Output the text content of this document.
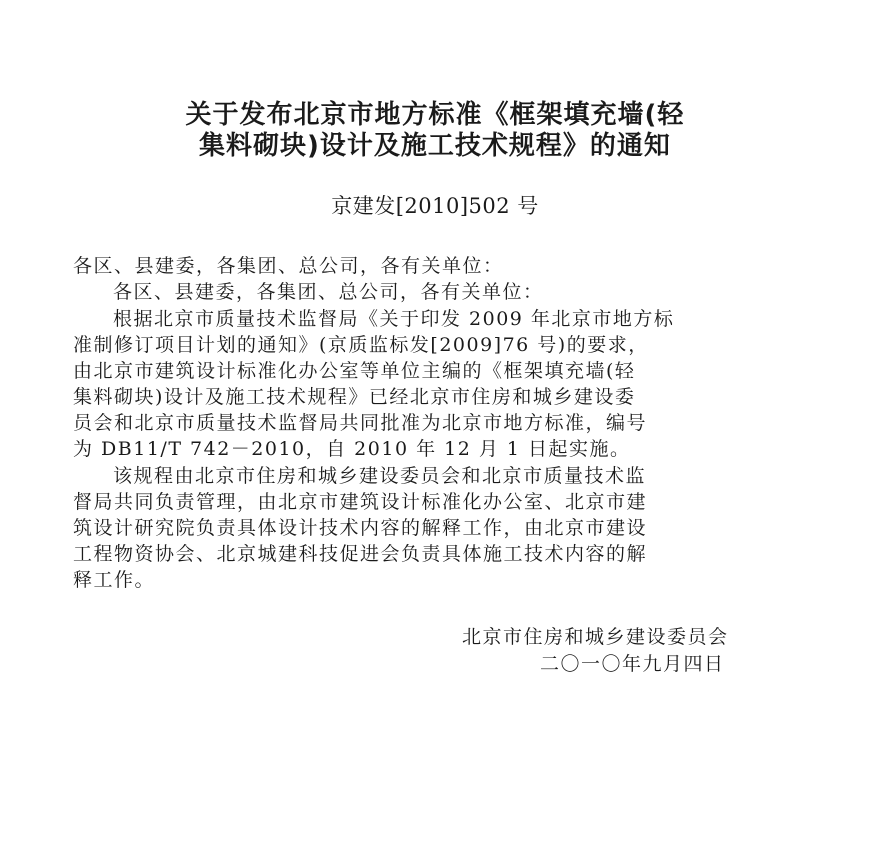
关于发布北京市地方标准《框架填充墙(轻
集料砌块)设计及施工技术规程》的通知
京建发[2010]502 号
各区、县建委，各集团、总公司，各有关单位：
各区、县建委，各集团、总公司，各有关单位：
根据北京市质量技术监督局《关于印发 2009 年北京市地方标
准制修订项目计划的通知》(京质监标发[2009]76 号)的要求，
由北京市建筑设计标准化办公室等单位主编的《框架填充墙(轻
集料砌块)设计及施工技术规程》已经北京市住房和城乡建设委
员会和北京市质量技术监督局共同批准为北京市地方标准，编号
为 DB11/T 742－2010，自 2010 年 12 月 1 日起实施。
该规程由北京市住房和城乡建设委员会和北京市质量技术监
督局共同负责管理，由北京市建筑设计标准化办公室、北京市建
筑设计研究院负责具体设计技术内容的解释工作，由北京市建设
工程物资协会、北京城建科技促进会负责具体施工技术内容的解
释工作。
北京市住房和城乡建设委员会
二〇一〇年九月四日
